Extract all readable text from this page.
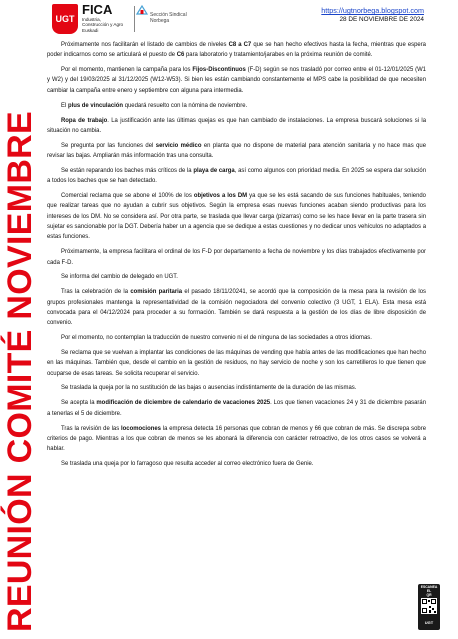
UGT
FICA
Industria,
Construcción y Agro
Euskadi
Sección Sindical
Norbega
https://ugtnorbega.blogspot.com
28 DE NOVIEMBRE DE 2024
REUNIÓN COMITÉ NOVIEMBRE

Próximamente nos facilitarán el listado de cambios de niveles C8 a C7 que se han hecho efectivos hasta la fecha, mientras que espera poder indicarnos como se articulará el puesto de C6 para laboratorio y tratamiento/jarabes en la próxima reunión de comité.

Por el momento, mantienen la campaña para los Fijos-Discontinuos (F-D) según se nos trasladó por correo entre el 01-12/01/2025 (W1 y W2) y del 19/03/2025 al 31/12/2025 (W12-W53). Si bien les están cambiando constantemente el MPS cabe la posibilidad de que necesiten cambiar la campaña entre enero y septiembre con alguna para intermedia.

El plus de vinculación quedará resuelto con la nómina de noviembre.

Ropa de trabajo. La justificación ante las últimas quejas es que han cambiado de instalaciones. La empresa buscará soluciones si la situación no cambia.

Se pregunta por las funciones del servicio médico en planta que no dispone de material para atención sanitaria y no hace mas que revisar las bajas. Ampliarán más información tras una consulta.

Se están reparando los baches más críticos de la playa de carga, así como algunos con prioridad media. En 2025 se espera dar solución a todos los baches que se han detectado.

Comercial reclama que se abone el 100% de los objetivos a los DM ya que se les está sacando de sus funciones habituales, teniendo que realizar tareas que no ayudan a cubrir sus objetivos. Según la empresa esas nuevas funciones acaban siendo productivas para los intereses de los DM. No se considera así. Por otra parte, se traslada que llevar carga (pizarras) como se les hace llevar en la parte trasera sin sujetar es sancionable por la DGT. Debería haber un a agencia que se dedique a estas cuestiones y no dedicar unos vehículos no adaptados a estas funciones.

Próximamente, la empresa facilitara el ordinal de los F-D por departamento a fecha de noviembre y los días trabajados efectivamente por cada F-D.

Se informa del cambio de delegado en UGT.

Tras la celebración de la comisión paritaria el pasado 18/11/20241, se acordó que la composición de la mesa para la revisión de los grupos profesionales mantenga la representatividad de la comisión negociadora del convenio colectivo (3 UGT, 1 ELA). Esta mesa está convocada para el 04/12/2024 para proceder a su formación. También se dará respuesta a la gestión de los días de libre disposición de convenio.

Por el momento, no contemplan la traducción de nuestro convenio ni el de ninguna de las sociedades a otros idiomas.

Se reclama que se vuelvan a implantar las condiciones de las máquinas de vending que había antes de las modificaciones que han hecho en las máquinas. También que, desde el cambio en la gestión de residuos, no hay servicio de noche y son los carretilleros lo que tienen que ocuparse de esas tareas. Se solicita recuperar el servicio.

Se traslada la queja por la no sustitución de las bajas o ausencias indistintamente de la duración de las mismas.

Se acepta la modificación de diciembre de calendario de vacaciones 2025. Los que tienen vacaciones 24 y 31 de diciembre pasarán a tenerlas el 5 de diciembre.

Tras la revisión de las locomociones la empresa detecta 16 personas que cobran de menos y 66 que cobran de más. Se discrepa sobre criterios de pago. Mientras a los que cobran de menos se les abonará la diferencia con carácter retroactivo, de los otros casos se volverá a hablar.

Se traslada una queja por lo farragoso que resulta acceder al correo electrónico fuera de Genie.

ESCANEA
EL
QR
UGT
